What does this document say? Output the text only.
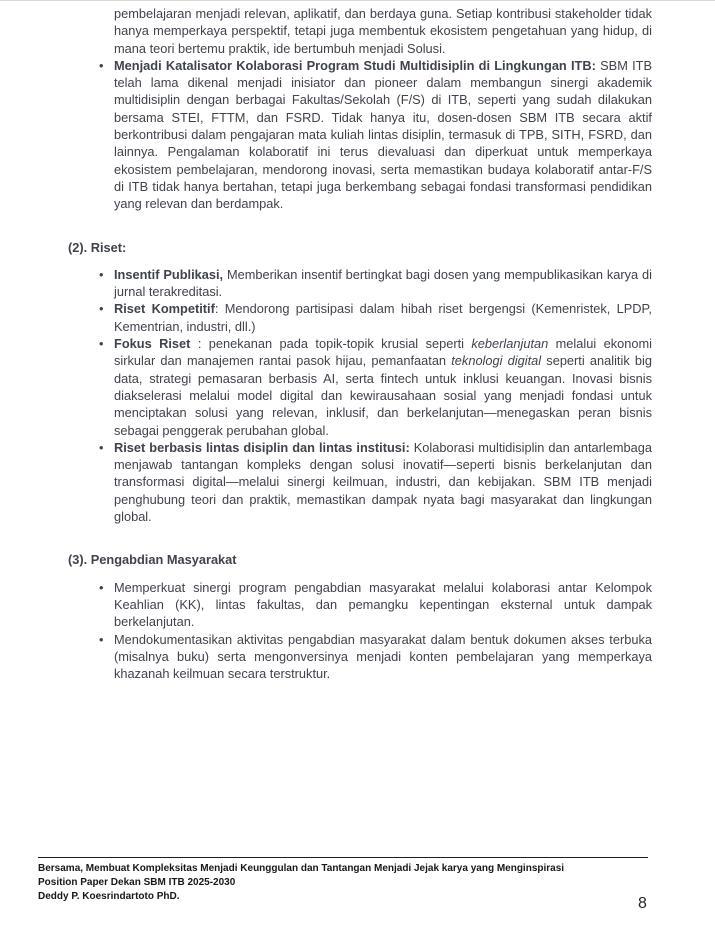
pembelajaran menjadi relevan, aplikatif, dan berdaya guna. Setiap kontribusi stakeholder tidak hanya memperkaya perspektif, tetapi juga membentuk ekosistem pengetahuan yang hidup, di mana teori bertemu praktik, ide bertumbuh menjadi Solusi.

• Menjadi Katalisator Kolaborasi Program Studi Multidisiplin di Lingkungan ITB: SBM ITB telah lama dikenal menjadi inisiator dan pioneer dalam membangun sinergi akademik multidisiplin dengan berbagai Fakultas/Sekolah (F/S) di ITB, seperti yang sudah dilakukan bersama STEI, FTTM, dan FSRD. Tidak hanya itu, dosen-dosen SBM ITB secara aktif berkontribusi dalam pengajaran mata kuliah lintas disiplin, termasuk di TPB, SITH, FSRD, dan lainnya. Pengalaman kolaboratif ini terus dievaluasi dan diperkuat untuk memperkaya ekosistem pembelajaran, mendorong inovasi, serta memastikan budaya kolaboratif antar-F/S di ITB tidak hanya bertahan, tetapi juga berkembang sebagai fondasi transformasi pendidikan yang relevan dan berdampak.
(2). Riset:
• Insentif Publikasi, Memberikan insentif bertingkat bagi dosen yang mempublikasikan karya di jurnal terakreditasi.
• Riset Kompetitif: Mendorong partisipasi dalam hibah riset bergengsi (Kemenristek, LPDP, Kementrian, industri, dll.)
• Fokus Riset : penekanan pada topik-topik krusial seperti keberlanjutan melalui ekonomi sirkular dan manajemen rantai pasok hijau, pemanfaatan teknologi digital seperti analitik big data, strategi pemasaran berbasis AI, serta fintech untuk inklusi keuangan. Inovasi bisnis diakselerasi melalui model digital dan kewirausahaan sosial yang menjadi fondasi untuk menciptakan solusi yang relevan, inklusif, dan berkelanjutan—menegaskan peran bisnis sebagai penggerak perubahan global.
• Riset berbasis lintas disiplin dan lintas institusi: Kolaborasi multidisiplin dan antarlembaga menjawab tantangan kompleks dengan solusi inovatif—seperti bisnis berkelanjutan dan transformasi digital—melalui sinergi keilmuan, industri, dan kebijakan. SBM ITB menjadi penghubung teori dan praktik, memastikan dampak nyata bagi masyarakat dan lingkungan global.
(3). Pengabdian Masyarakat
• Memperkuat sinergi program pengabdian masyarakat melalui kolaborasi antar Kelompok Keahlian (KK), lintas fakultas, dan pemangku kepentingan eksternal untuk dampak berkelanjutan.
• Mendokumentasikan aktivitas pengabdian masyarakat dalam bentuk dokumen akses terbuka (misalnya buku) serta mengonversinya menjadi konten pembelajaran yang memperkaya khazanah keilmuan secara terstruktur.
Bersama, Membuat Kompleksitas Menjadi Keunggulan dan Tantangan Menjadi Jejak karya yang Menginspirasi
Position Paper Dekan SBM ITB 2025-2030
Deddy P. Koesrindartoto PhD.	8
